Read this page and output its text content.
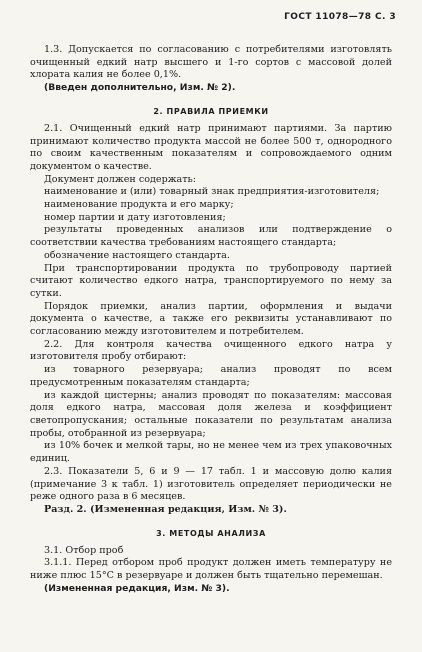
ГОСТ 11078—78 С. 3

1.3. Допускается по согласованию с потребителями изготовлять очищенный едкий натр высшего и 1-го сортов с массовой долей хлората калия не более 0,1%.

(Введен дополнительно, Изм. № 2).

2. ПРАВИЛА ПРИЕМКИ

2.1. Очищенный едкий натр принимают партиями. За партию принимают количество продукта массой не более 500 т, однородного по своим качественным показателям и сопровождаемого одним документом о качестве.

Документ должен содержать:

наименование и (или) товарный знак предприятия-изготовителя;

наименование продукта и его марку;

номер партии и дату изготовления;

результаты проведенных анализов или подтверждение о соответствии качества требованиям настоящего стандарта;

обозначение настоящего стандарта.

При транспортировании продукта по трубопроводу партией считают количество едкого натра, транспортируемого по нему за сутки.

Порядок приемки, анализ партии, оформления и выдачи документа о качестве, а также его реквизиты устанавливают по согласованию между изготовителем и потребителем.

2.2. Для контроля качества очищенного едкого натра у изготовителя пробу отбирают:

из товарного резервуара; анализ проводят по всем предусмотренным показателям стандарта;

из каждой цистерны; анализ проводят по показателям: массовая доля едкого натра, массовая доля железа и коэффициент светопропускания; остальные показатели по результатам анализа пробы, отобранной из резервуара;

из 10% бочек и мелкой тары, но не менее чем из трех упаковочных единиц.

2.3. Показатели 5, 6 и 9 — 17 табл. 1 и массовую долю калия (примечание 3 к табл. 1) изготовитель определяет периодически не реже одного раза в 6 месяцев.

Разд. 2. (Измененная редакция, Изм. № 3).

3. МЕТОДЫ АНАЛИЗА

3.1. Отбор проб

3.1.1. Перед отбором проб продукт должен иметь температуру не ниже плюс 15°С в резервуаре и должен быть тщательно перемешан.

(Измененная редакция, Изм. № 3).
